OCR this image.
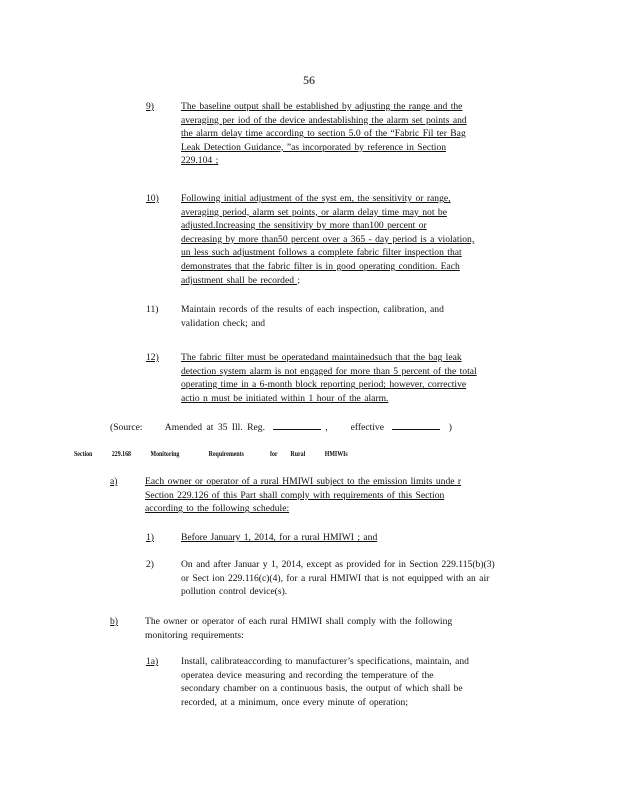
56
9)	The baseline output shall be established by adjusting the range and the
averaging per iod of the device andestablishing the alarm set points and
the alarm delay time according to section 5.0 of the “Fabric Fil ter Bag
Leak Detection Guidance, ”as incorporated by reference in Section
229.104 ;
10) Following initial adjustment of the syst em, the sensitivity or range,
averaging period, alarm set points, or alarm delay time may not be
adjusted.Increasing the sensitivity by more than100 percent or
decreasing by more than50 percent over a 365 - day period is a violation,
un less such adjustment follows a complete fabric filter inspection that
demonstrates that the fabric filter is in good operating condition. Each
adjustment shall be recorded ;
11) Maintain records of the results of each inspection, calibration, and
validation check; and
12) The fabric filter must be operatedand maintainedsuch that the bag leak
detection system alarm is not engaged for more than 5 percent of the total
operating time in a 6-month block reporting period; however, corrective
actio n must be initiated within 1 hour of the alarm.
(Source: Amended at 35 Ill. Reg.	,  effective	)
Section	229.168	Monitoring	Requirements	for Rural	HMIWIs
a)	Each owner or operator of a rural HMIWI subject to the emission limits unde r
Section 229.126 of this Part shall comply with requirements of this Section
according to the following schedule:
1)	Before January 1, 2014, for a rural HMIWI ; and
2)	On and after Januar y 1, 2014, except as provided for in Section 229.115(b)(3)
or Sect ion 229.116(c)(4), for a rural HMIWI that is not equipped with an air
pollution control device(s).
b)	The owner or operator of each rural HMIWI shall comply with the following
monitoring requirements:
1a) Install, calibrateaccording to manufacturer’s specifications, maintain, and
operatea device measuring and recording the temperature of the
secondary chamber on a continuous basis, the output of which shall be
recorded, at a minimum, once every minute of operation;
